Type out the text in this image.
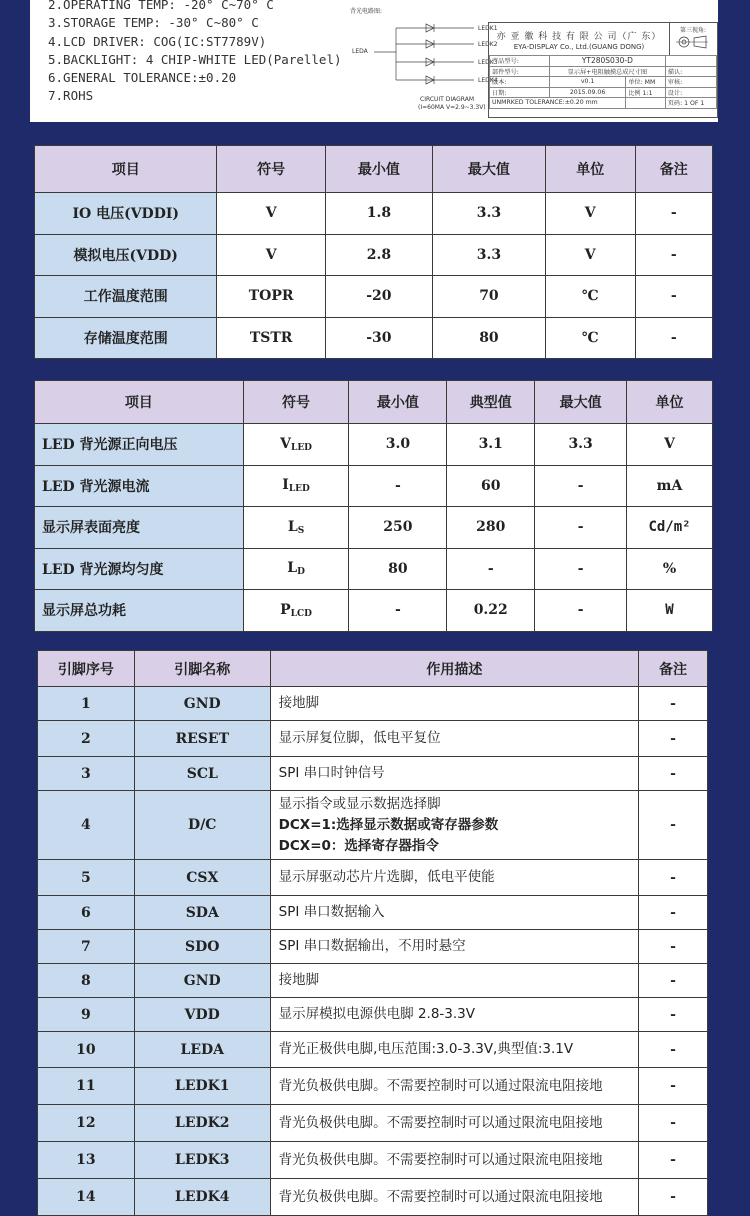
2.OPERATING TEMP: -20° C~70° C
3.STORAGE TEMP: -30° C~80° C
4.LCD DRIVER: COG(IC:ST7789V)
5.BACKLIGHT: 4 CHIP-WHITE LED(Parellel)
6.GENERAL TOLERANCE:±0.20
7.ROHS
背光电路图:
LEDA
LEDK1
LEDK2
LEDK3
LEDK4
CIRCUIT DIAGRAM
(I=60MA V=2.9~3.3V)
亦 亚 徽 科 技 有 限 公 司（广 东）
EYA-DISPLAY Co., Ltd.(GUANG DONG)
第三视角:
产品型号:	YT280S030-D		
部件型号:	显示屏+电阻触摸总成尺寸图		描认:
版本:	v0.1	单位: MM	审核:
日期:	2015.09.06	比例 1:1	设计:
UNMRKED TOLERANCE:±0.20 mm			页码: 1 OF 1
项目	符号	最小值	最大值	单位	备注
IO 电压(VDDI)	V	1.8	3.3	V	-
模拟电压(VDD)	V	2.8	3.3	V	-
工作温度范围	TOPR	-20	70	℃	-
存储温度范围	TSTR	-30	80	℃	-
项目	符号	最小值	典型值	最大值	单位
LED 背光源正向电压	$V_{LED}$	3.0	3.1	3.3	V
LED 背光源电流	$I_{LED}$	-	60	-	mA
显示屏表面亮度	$L_S$	250	280	-	Cd/m²
LED 背光源均匀度	$L_D$	80	-	-	%
显示屏总功耗	$P_{LCD}$	-	0.22	-	W
引脚序号	引脚名称	作用描述	备注
1	GND	接地脚	-
2	RESET	显示屏复位脚，低电平复位	-
3	SCL	SPI 串口时钟信号	-
4	D/C	显示指令或显示数据选择脚
DCX=1:选择显示数据或寄存器参数
DCX=0：选择寄存器指令	-
5	CSX	显示屏驱动芯片片选脚，低电平使能	-
6	SDA	SPI 串口数据输入	-
7	SDO	SPI 串口数据输出，不用时悬空	-
8	GND	接地脚	-
9	VDD	显示屏模拟电源供电脚 2.8-3.3V	-
10	LEDA	背光正极供电脚,电压范围:3.0-3.3V,典型值:3.1V	-
11	LEDK1	背光负极供电脚。不需要控制时可以通过限流电阻接地	-
12	LEDK2	背光负极供电脚。不需要控制时可以通过限流电阻接地	-
13	LEDK3	背光负极供电脚。不需要控制时可以通过限流电阻接地	-
14	LEDK4	背光负极供电脚。不需要控制时可以通过限流电阻接地	-
